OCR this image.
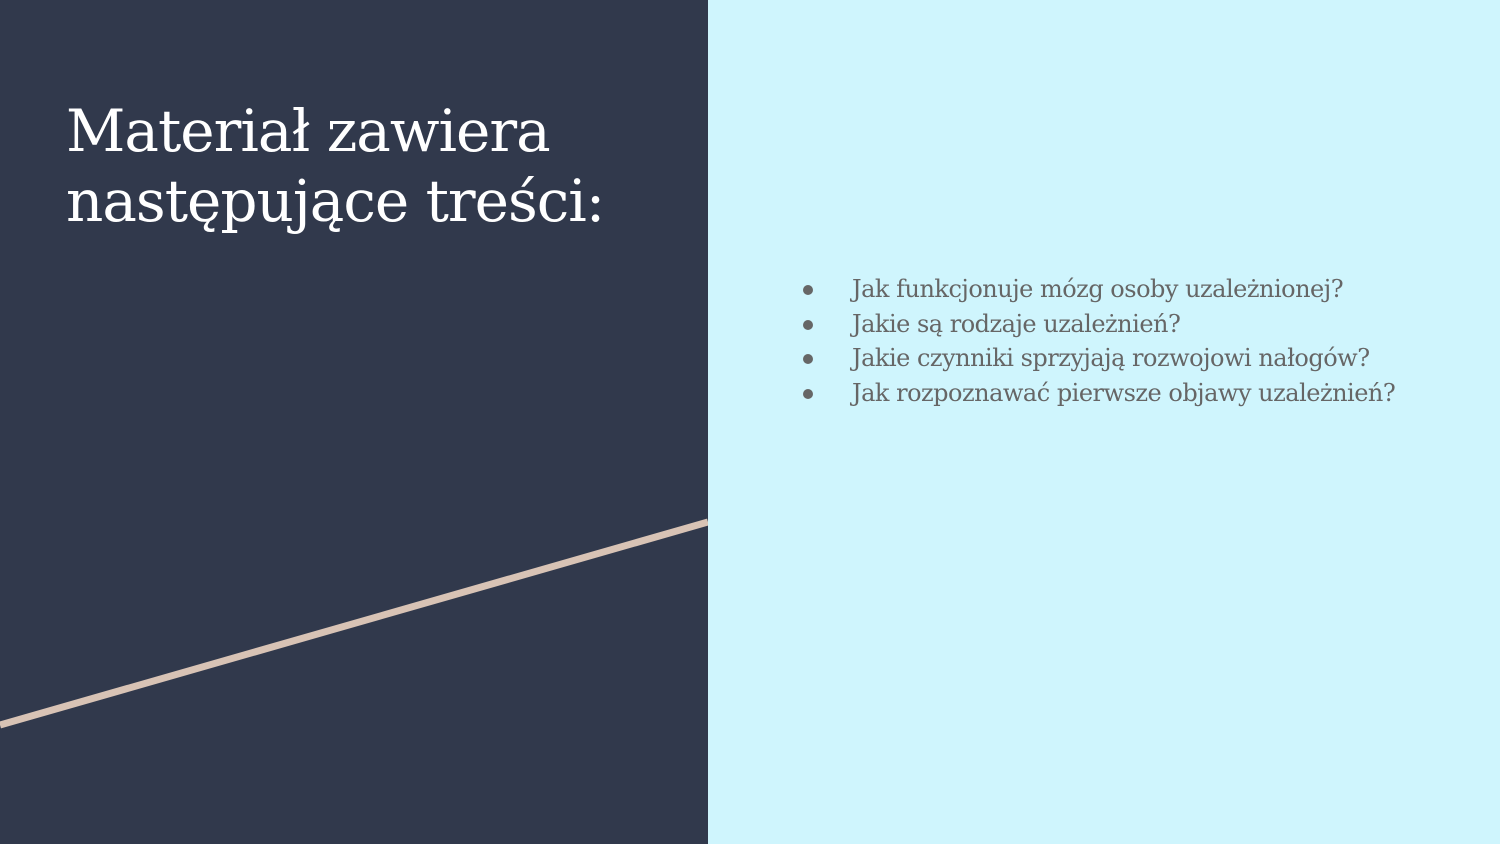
Materiał zawiera
następujące treści:
Jak funkcjonuje mózg osoby uzależnionej?
Jakie są rodzaje uzależnień?
Jakie czynniki sprzyjają rozwojowi nałogów?
Jak rozpoznawać pierwsze objawy uzależnień?
